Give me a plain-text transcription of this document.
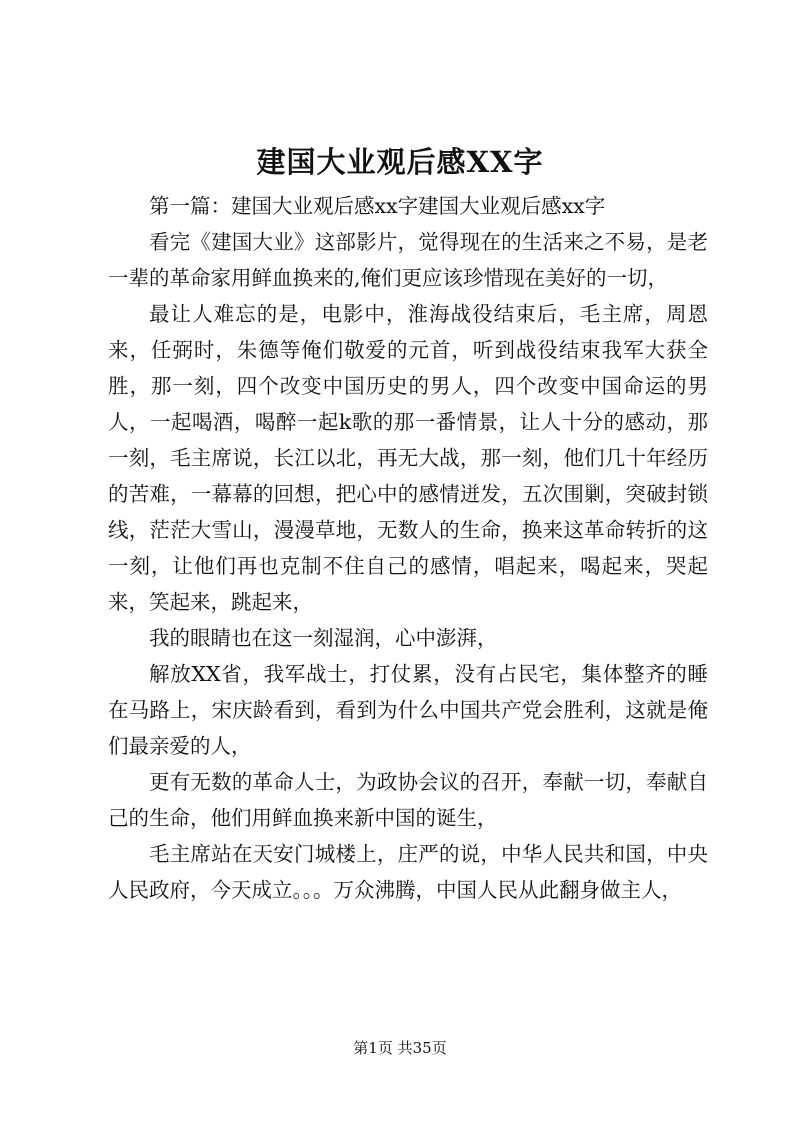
建国大业观后感XX字

第一篇：建国大业观后感xx字建国大业观后感xx字

看完《建国大业》这部影片，觉得现在的生活来之不易，是老一辈的革命家用鲜血换来的,俺们更应该珍惜现在美好的一切，

最让人难忘的是，电影中，淮海战役结束后，毛主席，周恩来，任弼时，朱德等俺们敬爱的元首，听到战役结束我军大获全胜，那一刻，四个改变中国历史的男人，四个改变中国命运的男人，一起喝酒，喝醉一起k歌的那一番情景，让人十分的感动，那一刻，毛主席说，长江以北，再无大战，那一刻，他们几十年经历的苦难，一幕幕的回想，把心中的感情迸发，五次围剿，突破封锁线，茫茫大雪山，漫漫草地，无数人的生命，换来这革命转折的这一刻，让他们再也克制不住自己的感情，唱起来，喝起来，哭起来，笑起来，跳起来，

我的眼睛也在这一刻湿润，心中澎湃，

解放XX省，我军战士，打仗累，没有占民宅，集体整齐的睡在马路上，宋庆龄看到，看到为什么中国共产党会胜利，这就是俺们最亲爱的人，

更有无数的革命人士，为政协会议的召开，奉献一切，奉献自己的生命，他们用鲜血换来新中国的诞生，

毛主席站在天安门城楼上，庄严的说，中华人民共和国，中央人民政府，今天成立。。。万众沸腾，中国人民从此翻身做主人，

第1页 共35页
